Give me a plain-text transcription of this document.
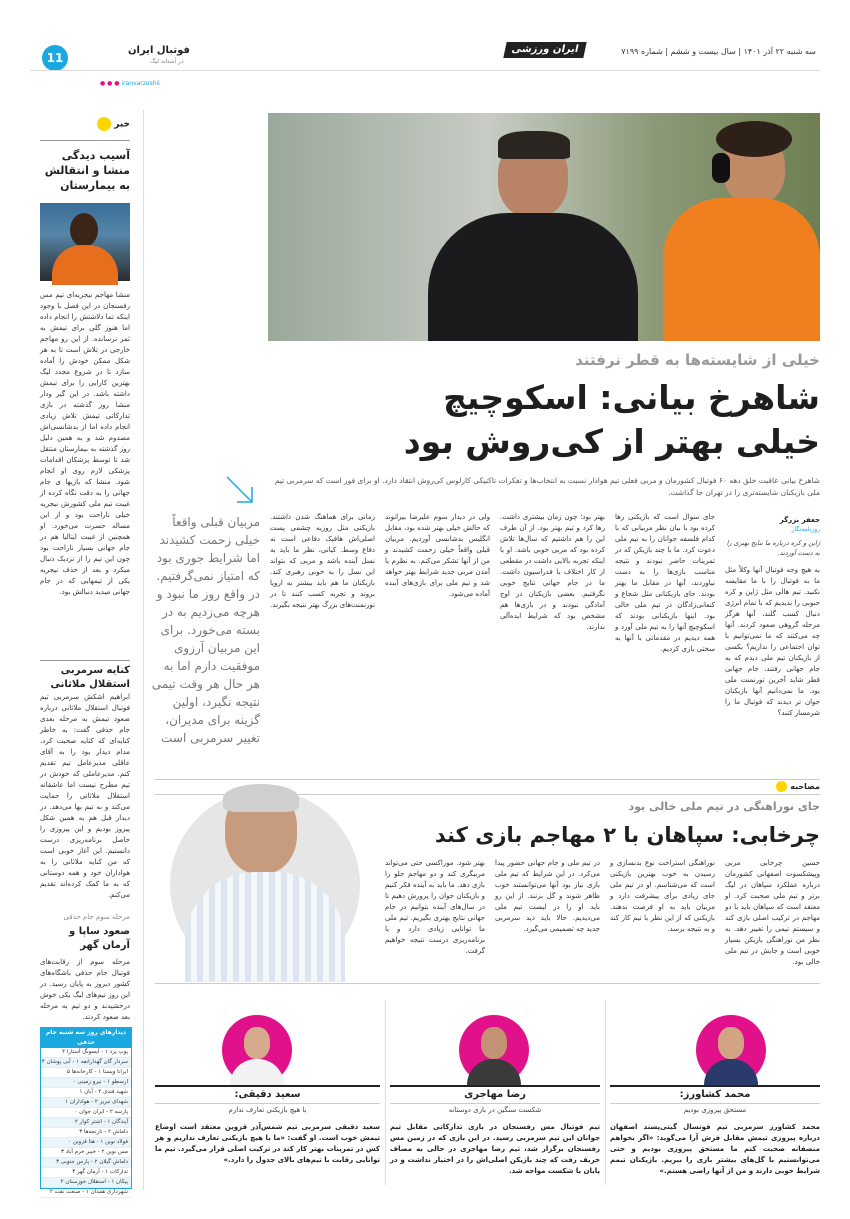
سه شنبه ۲۲ آذر ۱۴۰۱ | سال بیست و ششم | شماره ۷۱۹۹
ایران ورزشی
فوتبال ایران
در آستانه لیگ
● ● ● iranvarzeshii
11
خبر
آسیب دیدگی منشا و انتقالش به بیمارستان
منشا مهاجم نیجریه‌ای تیم مس رفسنجان در این فصل با وجود اینکه تما دلاشتش را انجام داده اما هنوز گلی برای تیمش به ثمر نرسانده. از این رو مهاجم خارجی در تلاش است تا به هر شکل ممکن خودش را آماده سازد تا در شروع مجدد لیگ بهترین کارایی را برای تیمش داشته باشد. در این گیر ودار منشا روز گذشته در بازی تدارکاتی تیمش تلاش زیادی انجام داده اما از بدشانسی‌اش مصدوم شد و به همین دلیل روز گذشته به بیمارستان منتقل شد تا توسط پزشکان اقدامات پزشکی لازم روی او انجام شود. منشا که بازیها ی جام جهانی را به دقت نگاه کرده از غیبت تیم ملی کشورش نیجریه خیلی ناراحت بود و از این مساله حسرت می‌خورد. او همچنین از غیبت ایتالیا هم در جام جهانی بسیار ناراحت بود چون این تیم را از نزدیک دنبال میکرد و بعد از حذف نیجریه یکی از تیمهایی که در جام جهانی میدید دنبالش بود.
کنایه سرمربی استقلال ملاثانی
ابراهیم اشکش سرمربی تیم فوتبال استقلال ملاثانی درباره صعود تیمش به مرحله بعدی جام حذفی گفت: به خاطر کنایه‌ای که کنایه صحبت کرد، مدام دیدار بود را به آقای عاقلی مدیرعامل تیم تقدیم کنم. مدیرعاملی که خودش در تیم مطرح نیست اما عاشقانه استقلال ملاثانی را حمایت می‌کند و به تیم بها می‌دهد. در دیدار قبل هم به همین شکل پیروز بودیم و این پیروزی را حاصل برنامه‌ریزی درست دانستیم. این آغاز خوبی است که من کنایه ملاثانی را به هواداران خود و همه دوستانی که به ما کمک کرده‌اند تقدیم می‌کنم.
مرحله سوم جام حذفی
صعود ساپا و آرمان گهر
مرحله سوم از رقابت‌های فوتبال جام حذفی باشگاه‌های کشور دیروز به پایان رسید. در این روز تیم‌های لیگ یکی خوش درخشیدند و دو تیم به مرحله بعد صعود کردند.
دیدارهای روز سه شنبه جام حذفی
پوپ یزد ۱ - آیسونگ آستارا ۴
سردار گان گهدارانفه ۱ - آبی پوشان ۴
ایرانا ویستا ۱ - کارخانه‌ها ۵
ارسطو ۱ - نیرو زمینی ۰
شهید قندی ۲ - آبان ۱
شهدای تبریز ۲ - هواداران ۱
پارسه ۲ - ایران جوان ۰
آیندگان ۱ - اشتر کوار ۲
داماش ۲ - نارنجه‌ها ۳
فولاد نوین ۱ - هتا قزوین ۰
مس نوین ۲ - خیبر خرم آباد ۳
داماش گیلان ۲ - پارس جنوبی ۳
تدارکات ۱ - آرمان گهر ۳
پیکان ۱ - استقلال خوزستان ۲
شهرداری همدان ۱ - صنعت نفت ۲
خیلی از شایسته‌ها به قطر نرفتند
شاهرخ بیانی: اسکوچیچ
خیلی بهتر از کی‌روش بود
شاهرخ بیانی عاقبت خلق دهه ۶۰ فوتبال کشورمان و مربی فعلی تیم هوادار نسبت به انتخاب‌ها و تفکرات تاکتیکی کارلوس کی‌روش انتقاد دارد. او برای فور است که سرمربی تیم ملی بازیکنان شایسته‌تری را در تهران جا گذاشت.
جعفر بزرگر
روزنامه‌نگار
ژاپن و کره درباره ما نتایج بهتری را به دست آوردند.
به هیچ وجه فوتبال آنها وکلاً مثل ما به فوتبال را با ما مقایسه نکنید. تیم هالی مثل ژاپن و کره جنوبی را ندیدیم که با تمام انرژی دنبال کسب گلند، آنها هرگز مرحله گروهی صعود کردند. آنها چه می‌کنند که ما نمی‌توانیم با توان اجتماعی را نداریم؟ بکسی از بازیکنان تیم ملی دیدم که به جام جهانی رفتند، جام جهانی قطر شاید آخرین تورنمنت ملی بود. ما نمی‌دانیم آنها بازیکنان جوان تر دیدند که فوتبال ما را شرمسار کنند؟
جای سوال است که بازیکنی رها کرده بود با بیان نظر مربیانی که با کدام فلسفه جوانان را به تیم ملی دعوت کرد. ما با چند بازیکن که در تمرینات حاضر نبودند و نتیجه مناسب بازی‌ها را به دست نیاوردند، آنها در مقابل ما بهتر بودند. جای بازیکنانی مثل شجاع و کنعانی‌زادگان در تیم ملی خالی بود. اینها بازیکنانی بودند که اسکوچیچ آنها را به تیم ملی آورد و همه دیدیم در مقدماتی با آنها به سختی بازی کردیم.
بهتر بود؛ چون زمان بیشتری داشت. رها کرد و تیم بهتر بود. از آن طرف این را هم داشتیم که سال‌ها تلاش کرده بود که مربی خوبی باشد. او با اینکه تجربه بالایی داشت در مقطعی از کار اختلاف با فدراسیون داشت. ما در جام جهانی نتایج خوبی نگرفتیم. بعضی بازیکنان در اوج آمادگی نبودند و در بازی‌ها هم مشخص بود که شرایط ایده‌آلی ندارند.
ولی در دیدار سوم علیرضا بیرانوند که حالش خیلی بهتر شده بود، مقابل انگلیس بدشانسی آوردیم. مربیان قبلی واقعاً خیلی زحمت کشیدند و من از آنها تشکر می‌کنم. به نظرم با آمدن مربی جدید شرایط بهتر خواهد شد و تیم ملی برای بازی‌های آینده آماده می‌شود.
زمانی برای هماهنگ شدن داشتند. بازیکنی مثل روزبه چشمی پست اصلی‌اش هافبک دفاعی است نه دفاع وسط. کیانی، نظر ما باید به نسل آینده باشد و مربی که بتواند این نسل را به خوبی رهبری کند. بازیکنان ما هم باید بیشتر به اروپا بروند و تجربه کسب کنند تا در تورنمنت‌های بزرگ بهتر نتیجه بگیرند.
مربیان قبلی واقعاً خیلی زحمت کشیدند اما شرایط جوری بود که امتیاز نمی‌گرفتیم. در واقع روز ما نبود و هرچه می‌زدیم به در بسته می‌خورد. برای این مربیان آرزوی موفقیت دارم اما به هر حال هر وقت تیمی نتیجه نگیرد، اولین گزینه برای مدیران، تغییر سرمربی است
مصاحبه
جای نوراهنگی در تیم ملی خالی بود
چرخابی: سپاهان با ۲ مهاجم بازی کند
حسین چرخابی مربی وپیشکسوت اصفهانی کشورمان درباره عملکرد سپاهان در لیگ برتر و تیم ملی صحبت کرد. او معتقد است که سپاهان باید با دو مهاجم در ترکیب اصلی بازی کند و سیستم تیمی را تغییر دهد. به نظر من نوراهنگی بازیکن بسیار خوبی است و جایش در تیم ملی خالی بود.
نوراهنگی استراحت نوع بدنسازی و رسیدن به خوب بهترین بازیکنی است که می‌شناسم. او در تیم ملی جای زیادی برای پیشرفت دارد و مربیان باید به او فرصت بدهند. بازیکنی که از این نظر با تیم کار کند و به نتیجه برسد.
در تیم ملی و جام جهانی حضور پیدا می‌کرد. در این شرایط که تیم ملی بازی نیاز بود آنها می‌توانستند خوب ظاهر شوند و گل بزنند. از این رو باید او را در لیست تیم ملی می‌دیدیم. حالا باید دید سرمربی جدید چه تصمیمی می‌گیرد.
بهتر شود. موراکسی حتی می‌تواند مربیگری کند و دو مهاجم جلو را بازی دهد. ما باید به آینده فکر کنیم و بازیکنان جوان را پرورش دهیم تا در سال‌های آینده بتوانیم در جام جهانی نتایج بهتری بگیریم. تیم ملی ما توانایی زیادی دارد و با برنامه‌ریزی درست نتیجه خواهیم گرفت.
محمد کشاورز:
رضا مهاجری
سعید دقیقی:
مستحق پیروزی بودیم
شکست سنگین در بازی دوستانه
با هیچ بازیکنی تعارف ندارم
محمد کشاورز سرمربی تیم فوتسال گیتی‌پسند اصفهان درباره پیروزی تیمش مقابل فرش آرا می‌گوید: «اگر بخواهم منصفانه صحبت کنم ما مستحق پیروزی بودیم و حتی می‌توانستیم با گل‌های بیشتر بازی را ببریم. بازیکنان تیمم شرایط خوبی دارند و من از آنها راضی هستم.»
تیم فوتبال مس رفسنجان در بازی تدارکاتی مقابل تیم جوانان این تیم سرمربی رسید. در این بازی که در زمین مس رفسنجان برگزار شد، تیم رضا مهاجری در حالی به مصاف حریف رفت که چند بازیکن اصلی‌اش را در اختیار نداشت و در پایان با شکست مواجه شد.
سعید دقیقی سرمربی تیم شمس‌آذر قزوین معتقد است اوضاع تیمش خوب است. او گفت: «ما با هیچ بازیکنی تعارف نداریم و هر کس در تمرینات بهتر کار کند در ترکیب اصلی قرار می‌گیرد. تیم ما توانایی رقابت با تیم‌های بالای جدول را دارد.»
